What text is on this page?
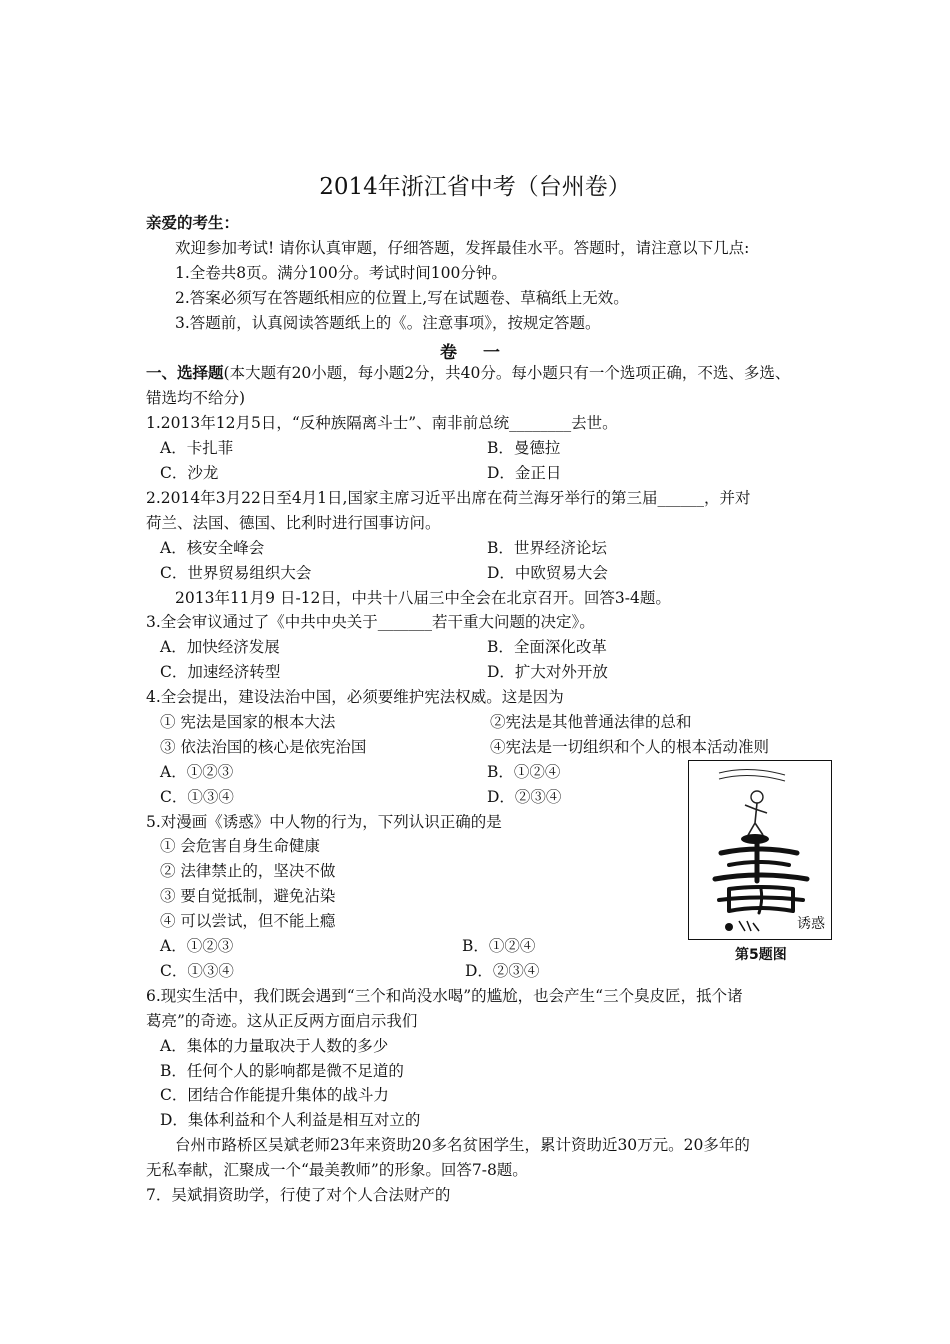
2014年浙江省中考（台州卷）
亲爱的考生：
欢迎参加考试! 请你认真审题，仔细答题，发挥最佳水平。答题时，请注意以下几点:
1.全卷共8页。满分100分。考试时间100分钟。
2.答案必须写在答题纸相应的位置上,写在试题卷、草稿纸上无效。
3.答题前，认真阅读答题纸上的《。注意事项》，按规定答题。
卷 一
一、选择题(本大题有20小题，每小题2分，共40分。每小题只有一个选项正确，不选、多选、
错选均不给分)
1.2013年12月5日，“反种族隔离斗士”、南非前总统________去世。
A．卡扎菲	B．曼德拉
C．沙龙	D．金正日
2.2014年3月22日至4月1日,国家主席习近平出席在荷兰海牙举行的第三届______，并对
荷兰、法国、德国、比利时进行国事访问。
A．核安全峰会	B．世界经济论坛
C．世界贸易组织大会	D．中欧贸易大会
2013年11月9 日-12日，中共十八届三中全会在北京召开。回答3-4题。
3.全会审议通过了《中共中央关于_______若干重大问题的决定》。
A．加快经济发展	B．全面深化改革
C．加速经济转型	D．扩大对外开放
4.全会提出，建设法治中国，必须要维护宪法权威。这是因为
① 宪法是国家的根本大法	②宪法是其他普通法律的总和
③ 依法治国的核心是依宪治国	④宪法是一切组织和个人的根本活动准则
A．①②③	B．①②④
C．①③④	D．②③④
5.对漫画《诱惑》中人物的行为，下列认识正确的是
① 会危害自身生命健康
② 法律禁止的，坚决不做
③ 要自觉抵制，避免沾染
④ 可以尝试，但不能上瘾
A．①②③	B．①②④
C．①③④	D．②③④
诱惑
第5题图
6.现实生活中，我们既会遇到“三个和尚没水喝”的尴尬，也会产生“三个臭皮匠，抵个诸
葛亮”的奇迹。这从正反两方面启示我们
A．集体的力量取决于人数的多少
B．任何个人的影响都是微不足道的
C．团结合作能提升集体的战斗力
D．集体利益和个人利益是相互对立的
台州市路桥区吴斌老师23年来资助20多名贫困学生，累计资助近30万元。20多年的
无私奉献，汇聚成一个“最美教师”的形象。回答7-8题。
7．吴斌捐资助学，行使了对个人合法财产的
